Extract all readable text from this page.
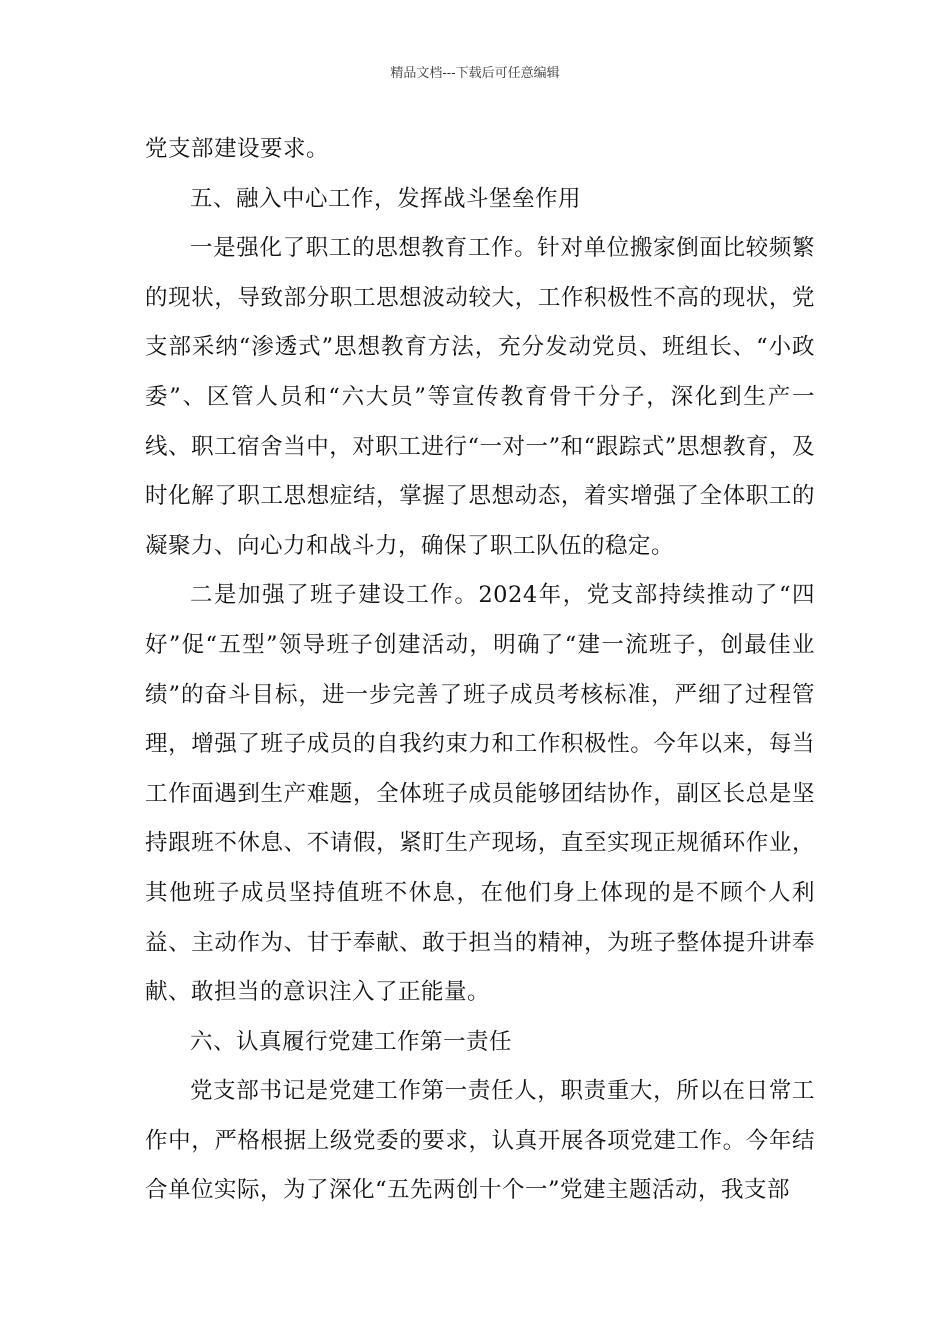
精品文档---下载后可任意编辑

党支部建设要求。

五、融入中心工作，发挥战斗堡垒作用

一是强化了职工的思想教育工作。针对单位搬家倒面比较频繁的现状，导致部分职工思想波动较大，工作积极性不高的现状，党支部采纳“渗透式”思想教育方法，充分发动党员、班组长、“小政委”、区管人员和“六大员”等宣传教育骨干分子，深化到生产一线、职工宿舍当中，对职工进行“一对一”和“跟踪式”思想教育，及时化解了职工思想症结，掌握了思想动态，着实增强了全体职工的凝聚力、向心力和战斗力，确保了职工队伍的稳定。

二是加强了班子建设工作。2024年，党支部持续推动了“四好”促“五型”领导班子创建活动，明确了“建一流班子，创最佳业绩”的奋斗目标，进一步完善了班子成员考核标准，严细了过程管理，增强了班子成员的自我约束力和工作积极性。今年以来，每当工作面遇到生产难题，全体班子成员能够团结协作，副区长总是坚持跟班不休息、不请假，紧盯生产现场，直至实现正规循环作业，其他班子成员坚持值班不休息，在他们身上体现的是不顾个人利益、主动作为、甘于奉献、敢于担当的精神，为班子整体提升讲奉献、敢担当的意识注入了正能量。

六、认真履行党建工作第一责任

党支部书记是党建工作第一责任人，职责重大，所以在日常工作中，严格根据上级党委的要求，认真开展各项党建工作。今年结合单位实际，为了深化“五先两创十个一”党建主题活动，我支部
